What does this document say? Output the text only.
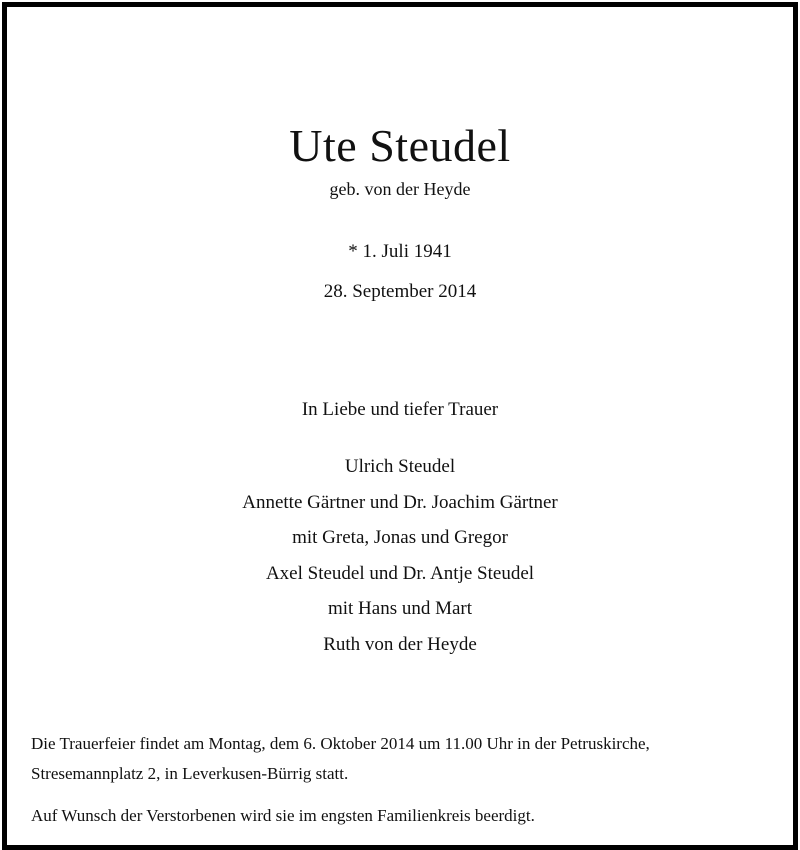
Ute Steudel
geb. von der Heyde
* 1. Juli 1941
28. September 2014
In Liebe und tiefer Trauer
Ulrich Steudel
Annette Gärtner und Dr. Joachim Gärtner
mit Greta, Jonas und Gregor
Axel Steudel und Dr. Antje Steudel
mit Hans und Mart
Ruth von der Heyde

Die Trauerfeier findet am Montag, dem 6. Oktober 2014 um 11.00 Uhr in der Petruskirche,
Stresemannplatz 2, in Leverkusen-Bürrig statt.

Auf Wunsch der Verstorbenen wird sie im engsten Familienkreis beerdigt.
